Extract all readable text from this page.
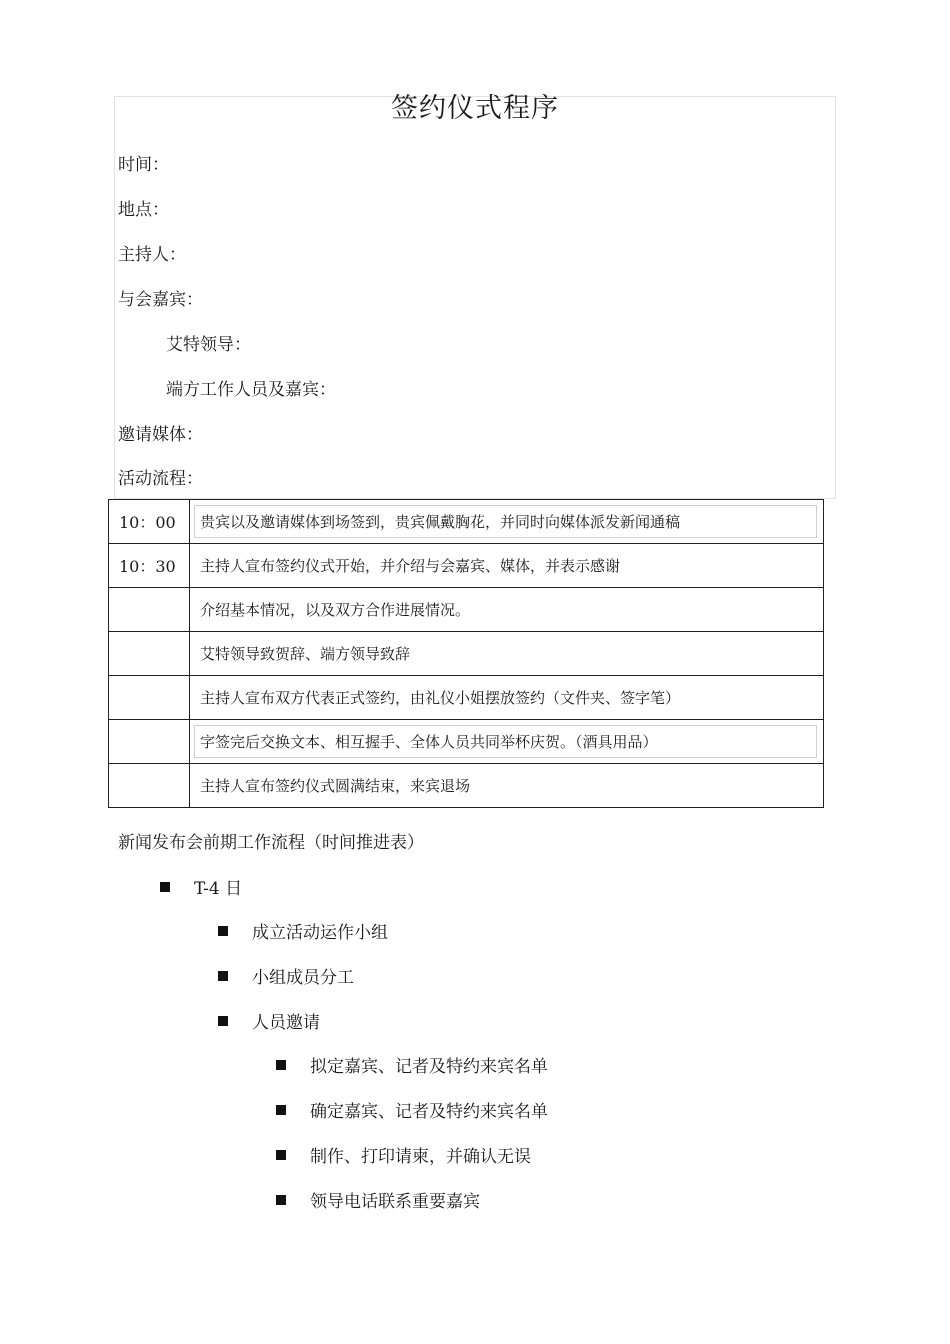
签约仪式程序
时间：
地点：
主持人：
与会嘉宾：
艾特领导：
端方工作人员及嘉宾：
邀请媒体：
活动流程：
10：00	贵宾以及邀请媒体到场签到，贵宾佩戴胸花，并同时向媒体派发新闻通稿

10：30	主持人宣布签约仪式开始，并介绍与会嘉宾、媒体，并表示感谢
	介绍基本情况，以及双方合作进展情况。
	艾特领导致贺辞、端方领导致辞
	主持人宣布双方代表正式签约，由礼仪小姐摆放签约（文件夹、签字笔）

	字签完后交换文本、相互握手、全体人员共同举杯庆贺。（酒具用品）

	主持人宣布签约仪式圆满结束，来宾退场
新闻发布会前期工作流程（时间推进表）
T-4 日
成立活动运作小组
小组成员分工
人员邀请
拟定嘉宾、记者及特约来宾名单
确定嘉宾、记者及特约来宾名单
制作、打印请柬，并确认无误
领导电话联系重要嘉宾
